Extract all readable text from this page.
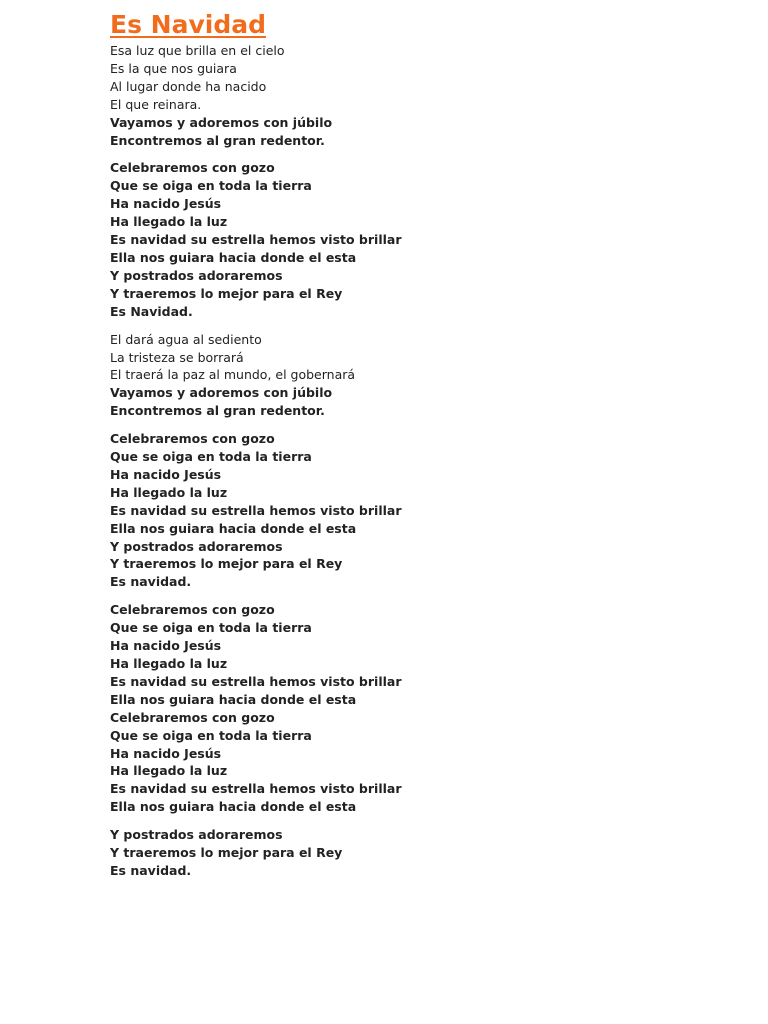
Es Navidad
Esa luz que brilla en el cielo
Es la que nos guiara
Al lugar donde ha nacido
El que reinara.
Vayamos y adoremos con júbilo
Encontremos al gran redentor.
Celebraremos con gozo
Que se oiga en toda la tierra
Ha nacido Jesús
Ha llegado la luz
Es navidad su estrella hemos visto brillar
Ella nos guiara hacia donde el esta
Y postrados adoraremos
Y traeremos lo mejor para el Rey
Es Navidad.
El dará agua al sediento
La tristeza se borrará
El traerá la paz al mundo, el gobernará
Vayamos y adoremos con júbilo
Encontremos al gran redentor.
Celebraremos con gozo
Que se oiga en toda la tierra
Ha nacido Jesús
Ha llegado la luz
Es navidad su estrella hemos visto brillar
Ella nos guiara hacia donde el esta
Y postrados adoraremos
Y traeremos lo mejor para el Rey
Es navidad.
Celebraremos con gozo
Que se oiga en toda la tierra
Ha nacido Jesús
Ha llegado la luz
Es navidad su estrella hemos visto brillar
Ella nos guiara hacia donde el esta
Celebraremos con gozo
Que se oiga en toda la tierra
Ha nacido Jesús
Ha llegado la luz
Es navidad su estrella hemos visto brillar
Ella nos guiara hacia donde el esta
Y postrados adoraremos
Y traeremos lo mejor para el Rey
Es navidad.
